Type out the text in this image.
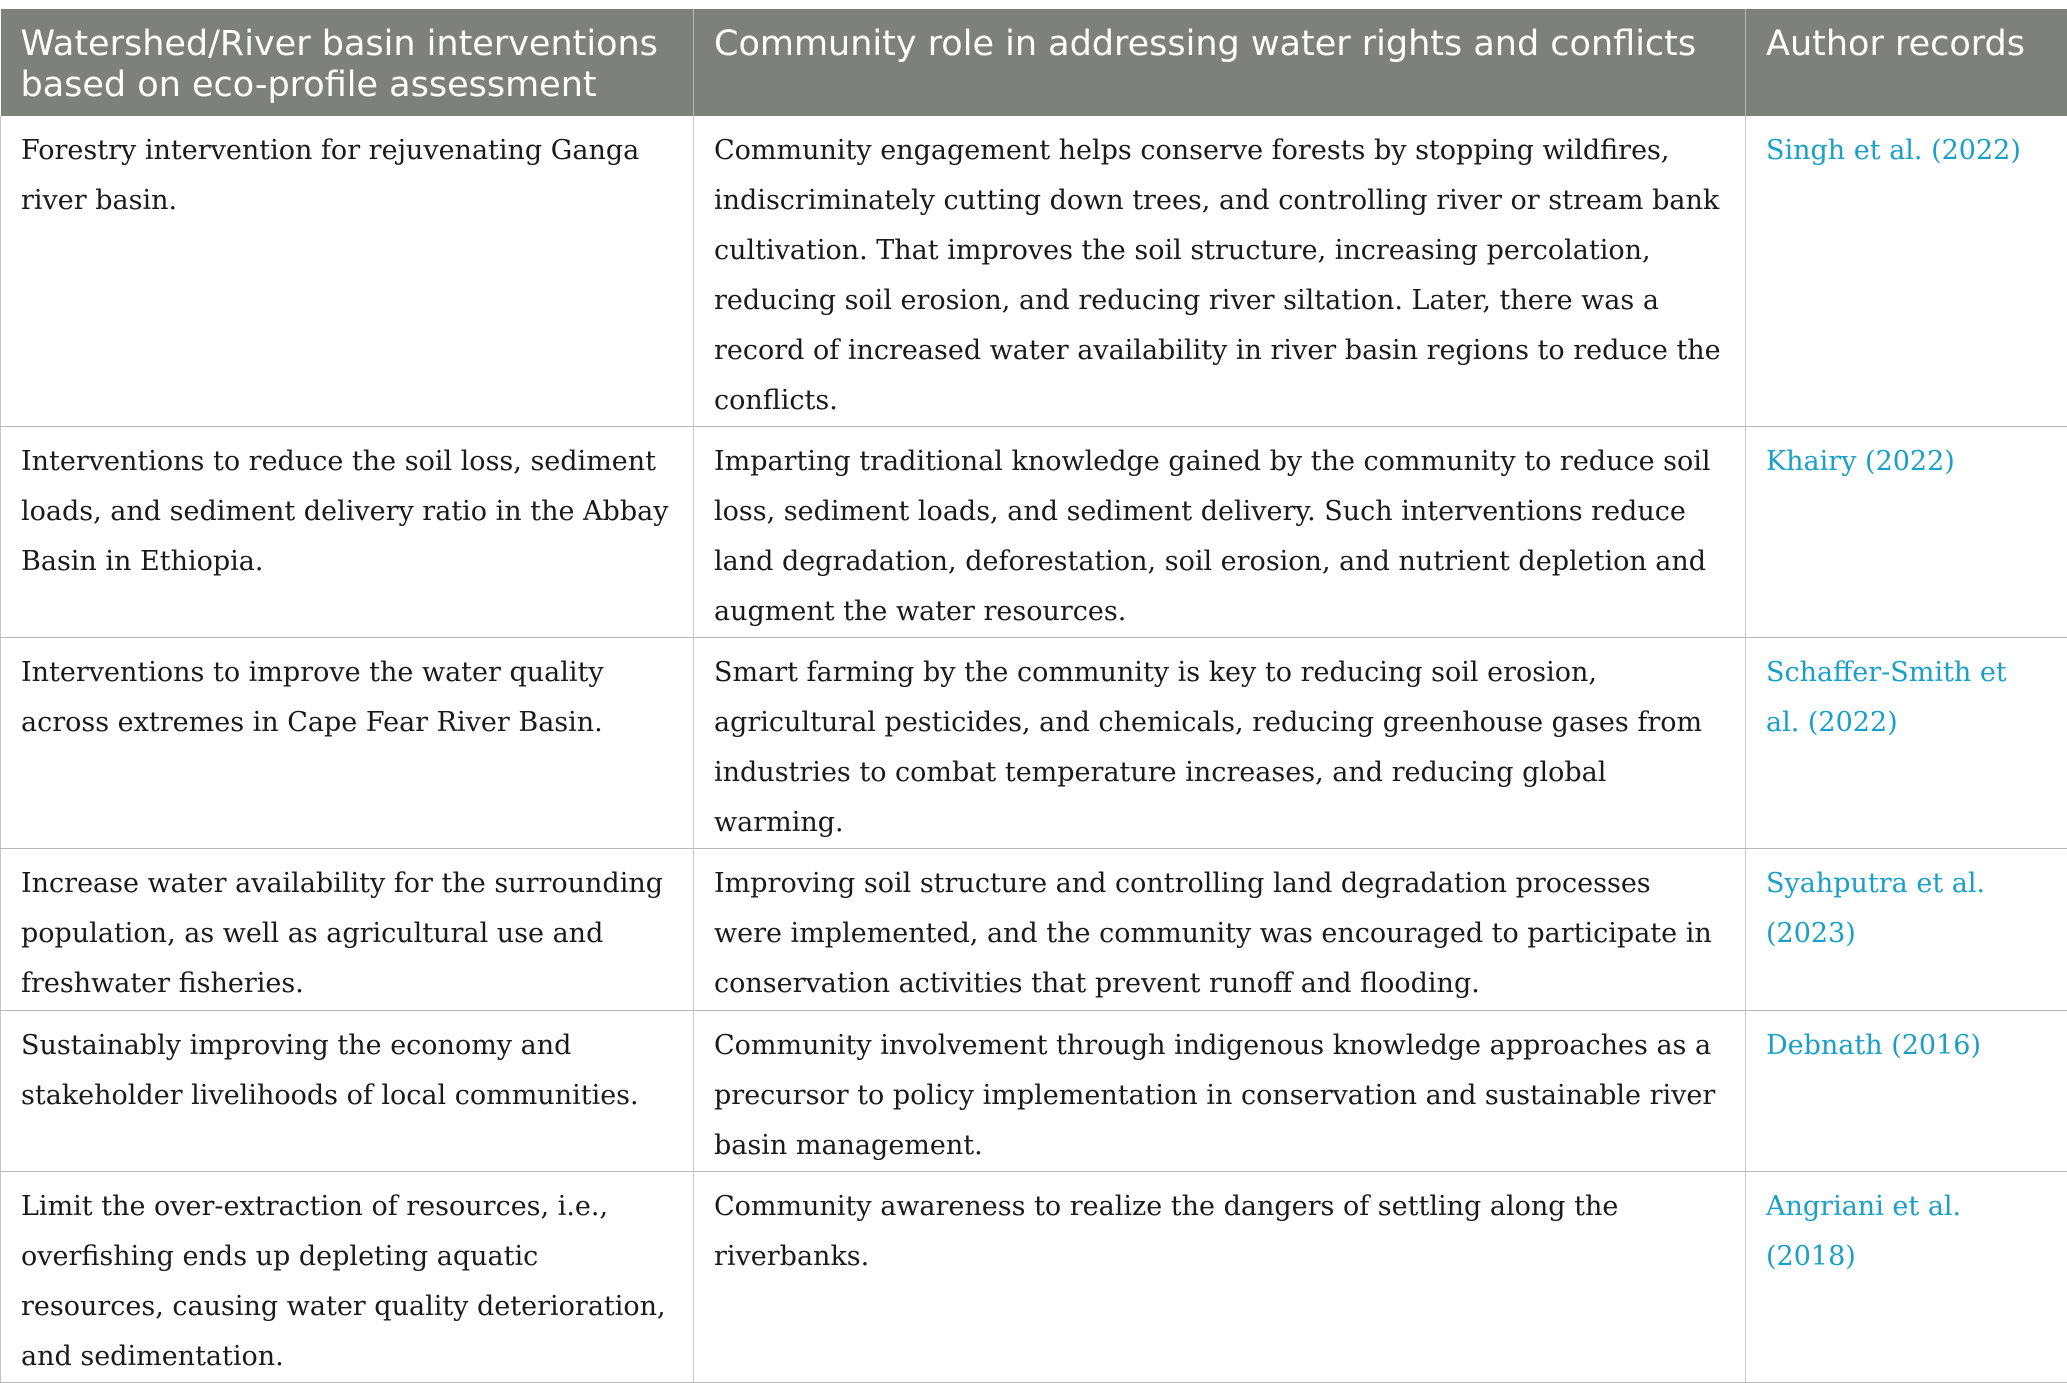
Watershed/River basin interventions based on eco-profile assessment	Community role in addressing water rights and conflicts	Author records
Forestry intervention for rejuvenating Ganga river basin.	Community engagement helps conserve forests by stopping wildfires, indiscriminately cutting down trees, and controlling river or stream bank cultivation. That improves the soil structure, increasing percolation, reducing soil erosion, and reducing river siltation. Later, there was a record of increased water availability in river basin regions to reduce the conflicts.	Singh et al. (2022)
Interventions to reduce the soil loss, sediment loads, and sediment delivery ratio in the Abbay Basin in Ethiopia.	Imparting traditional knowledge gained by the community to reduce soil loss, sediment loads, and sediment delivery. Such interventions reduce land degradation, deforestation, soil erosion, and nutrient depletion and augment the water resources.	Khairy (2022)
Interventions to improve the water quality across extremes in Cape Fear River Basin.	Smart farming by the community is key to reducing soil erosion, agricultural pesticides, and chemicals, reducing greenhouse gases from industries to combat temperature increases, and reducing global warming.	Schaffer-Smith et al. (2022)
Increase water availability for the surrounding population, as well as agricultural use and freshwater fisheries.	Improving soil structure and controlling land degradation processes were implemented, and the community was encouraged to participate in conservation activities that prevent runoff and flooding.	Syahputra et al. (2023)
Sustainably improving the economy and stakeholder livelihoods of local communities.	Community involvement through indigenous knowledge approaches as a precursor to policy implementation in conservation and sustainable river basin management.	Debnath (2016)
Limit the over-extraction of resources, i.e., overfishing ends up depleting aquatic resources, causing water quality deterioration, and sedimentation.	Community awareness to realize the dangers of settling along the riverbanks.	Angriani et al. (2018)
